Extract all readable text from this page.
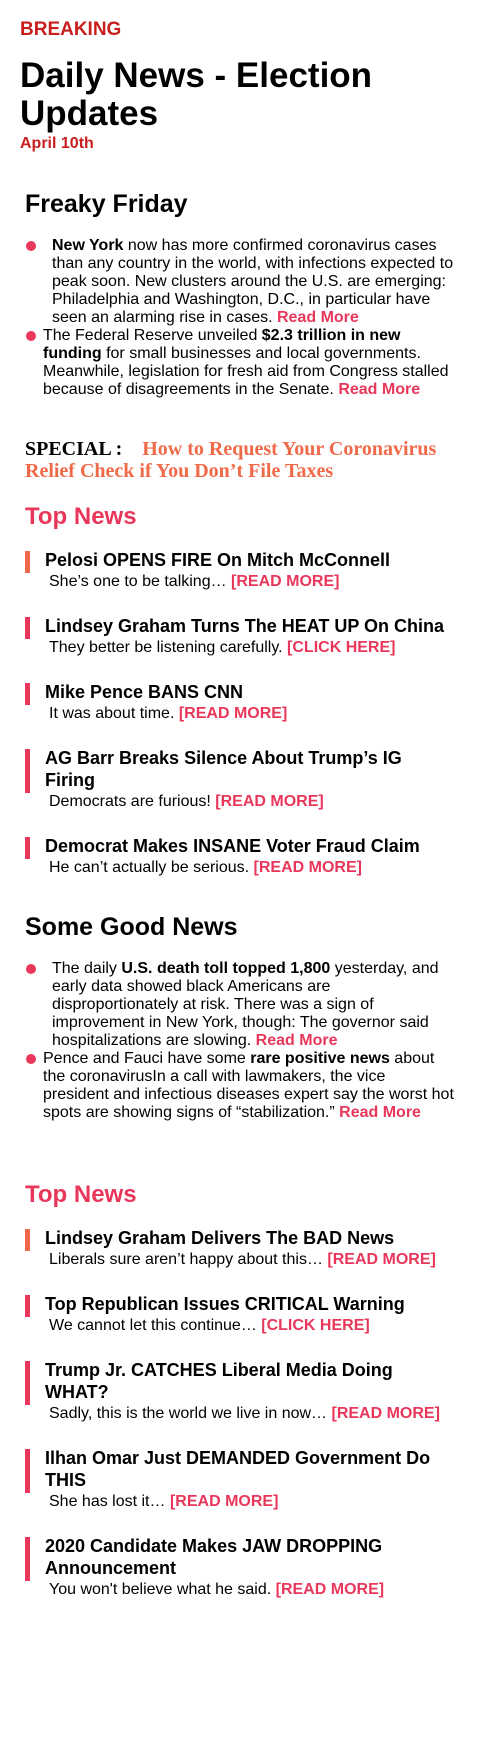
BREAKING
Daily News - Election Updates
April 10th
Freaky Friday
New York now has more confirmed coronavirus cases than any country in the world, with infections expected to peak soon. New clusters around the U.S. are emerging: Philadelphia and Washington, D.C., in particular have seen an alarming rise in cases. Read More
The Federal Reserve unveiled $2.3 trillion in new funding for small businesses and local governments. Meanwhile, legislation for fresh aid from Congress stalled because of disagreements in the Senate. Read More
SPECIAL : How to Request Your Coronavirus Relief Check if You Don’t File Taxes
Top News
Pelosi OPENS FIRE On Mitch McConnell
She’s one to be talking… [READ MORE]
Lindsey Graham Turns The HEAT UP On China
They better be listening carefully. [CLICK HERE]
Mike Pence BANS CNN
It was about time. [READ MORE]
AG Barr Breaks Silence About Trump’s IG Firing
Democrats are furious! [READ MORE]
Democrat Makes INSANE Voter Fraud Claim
He can’t actually be serious. [READ MORE]
Some Good News
The daily U.S. death toll topped 1,800 yesterday, and early data showed black Americans are disproportionately at risk. There was a sign of improvement in New York, though: The governor said hospitalizations are slowing. Read More
Pence and Fauci have some rare positive news about the coronavirusIn a call with lawmakers, the vice president and infectious diseases expert say the worst hot spots are showing signs of “stabilization.” Read More
Top News
Lindsey Graham Delivers The BAD News
Liberals sure aren’t happy about this… [READ MORE]
Top Republican Issues CRITICAL Warning
We cannot let this continue… [CLICK HERE]
Trump Jr. CATCHES Liberal Media Doing WHAT?
Sadly, this is the world we live in now… [READ MORE]
Ilhan Omar Just DEMANDED Government Do THIS
She has lost it… [READ MORE]
2020 Candidate Makes JAW DROPPING Announcement
You won't believe what he said. [READ MORE]
